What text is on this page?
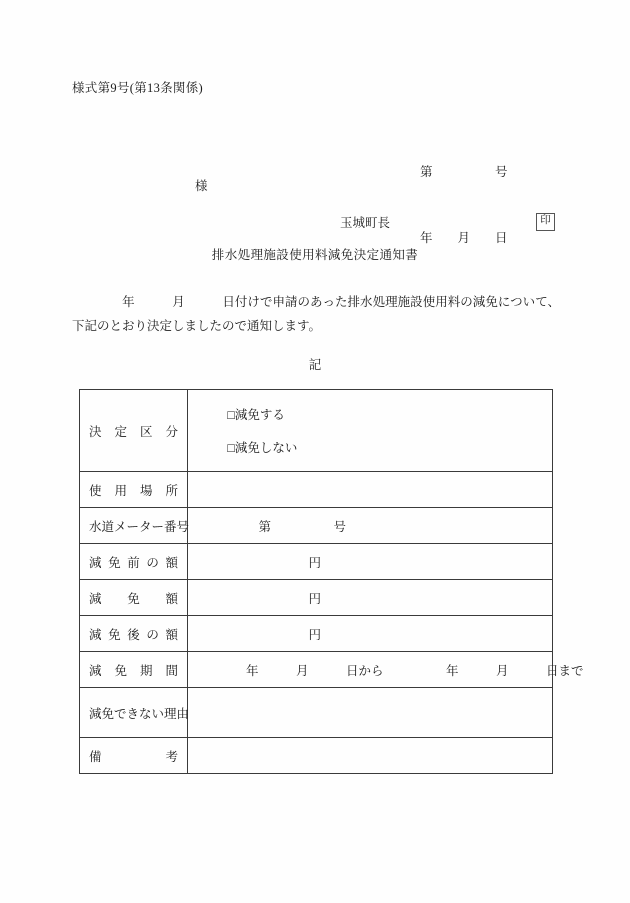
様式第9号(第13条関係)

第　　　　　号

年　　月　　日

様
玉城町長	印
排水処理施設使用料減免決定通知書
　　　　年　　　月　　　日付けで申請のあった排水処理施設使用料の減免について、下記のとおり決定しましたので通知します。
記
決定区分	□減免する

□減免しない

使用場所	
水道メーター番号	　　　　　第　　　　　号
減免前の額	　　　　　　　　　円
減免額	　　　　　　　　　円
減免後の額	　　　　　　　　　円
減免期間	　　　　年　　　月　　　日から　　　　　年　　　月　　　日まで
減免できない理由	
備考	
